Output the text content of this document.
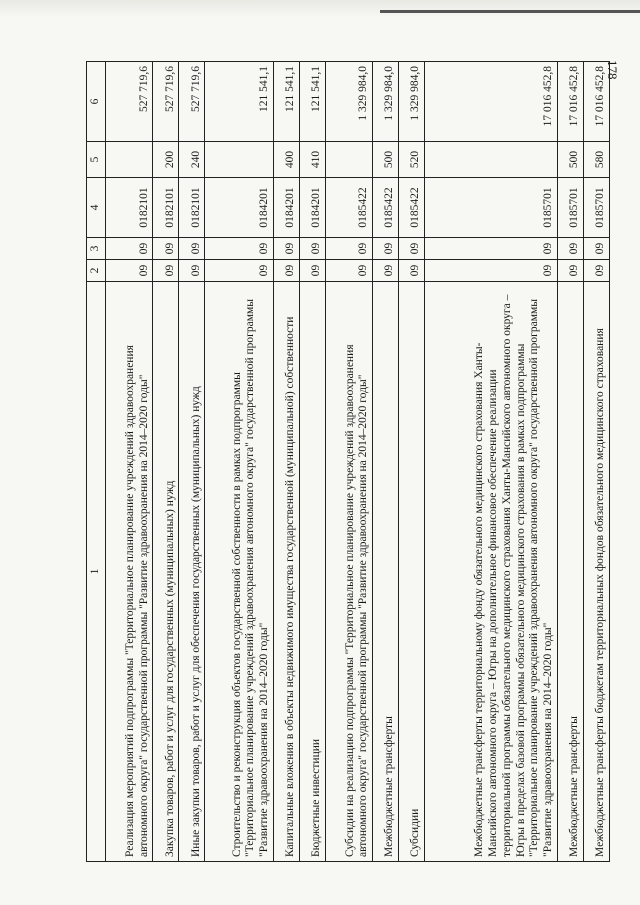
178
1	2	3	4	5	6
Реализация мероприятий подпрограммы "Территориальное планирование учреждений здравоохранения автономного округа" государственной программы "Развитие здравоохранения на 2014–2020 годы"	09	09	0182101		527 719,6
Закупка товаров, работ и услуг для государственных (муниципальных) нужд	09	09	0182101	200	527 719,6
Иные закупки товаров, работ и услуг для обеспечения государственных (муниципальных) нужд	09	09	0182101	240	527 719,6
Строительство и реконструкция объектов государственной собственности в рамках подпрограммы "Территориальное планирование учреждений здравоохранения автономного округа" государственной программы "Развитие здравоохранения на 2014–2020 годы"	09	09	0184201		121 541,1
Капитальные вложения в объекты недвижимого имущества государственной (муниципальной) собственности	09	09	0184201	400	121 541,1
Бюджетные инвестиции	09	09	0184201	410	121 541,1
Субсидии на реализацию подпрограммы "Территориальное планирование учреждений здравоохранения автономного округа" государственной программы "Развитие здравоохранения на 2014–2020 годы"	09	09	0185422		1 329 984,0
Межбюджетные трансферты	09	09	0185422	500	1 329 984,0
Субсидии	09	09	0185422	520	1 329 984,0
Межбюджетные трансферты территориальному фонду обязательного медицинского страхования Ханты-Мансийского автономного округа – Югры на дополнительное финансовое обеспечение реализации территориальной программы обязательного медицинского страхования Ханты-Мансийского автономного округа – Югры в пределах базовой программы обязательного медицинского страхования в рамках подпрограммы "Территориальное планирование учреждений здравоохранения автономного округа" государственной программы "Развитие здравоохранения на 2014–2020 годы"	09	09	0185701		17 016 452,8
Межбюджетные трансферты	09	09	0185701	500	17 016 452,8
Межбюджетные трансферты бюджетам территориальных фондов обязательного медицинского страхования	09	09	0185701	580	17 016 452,8
